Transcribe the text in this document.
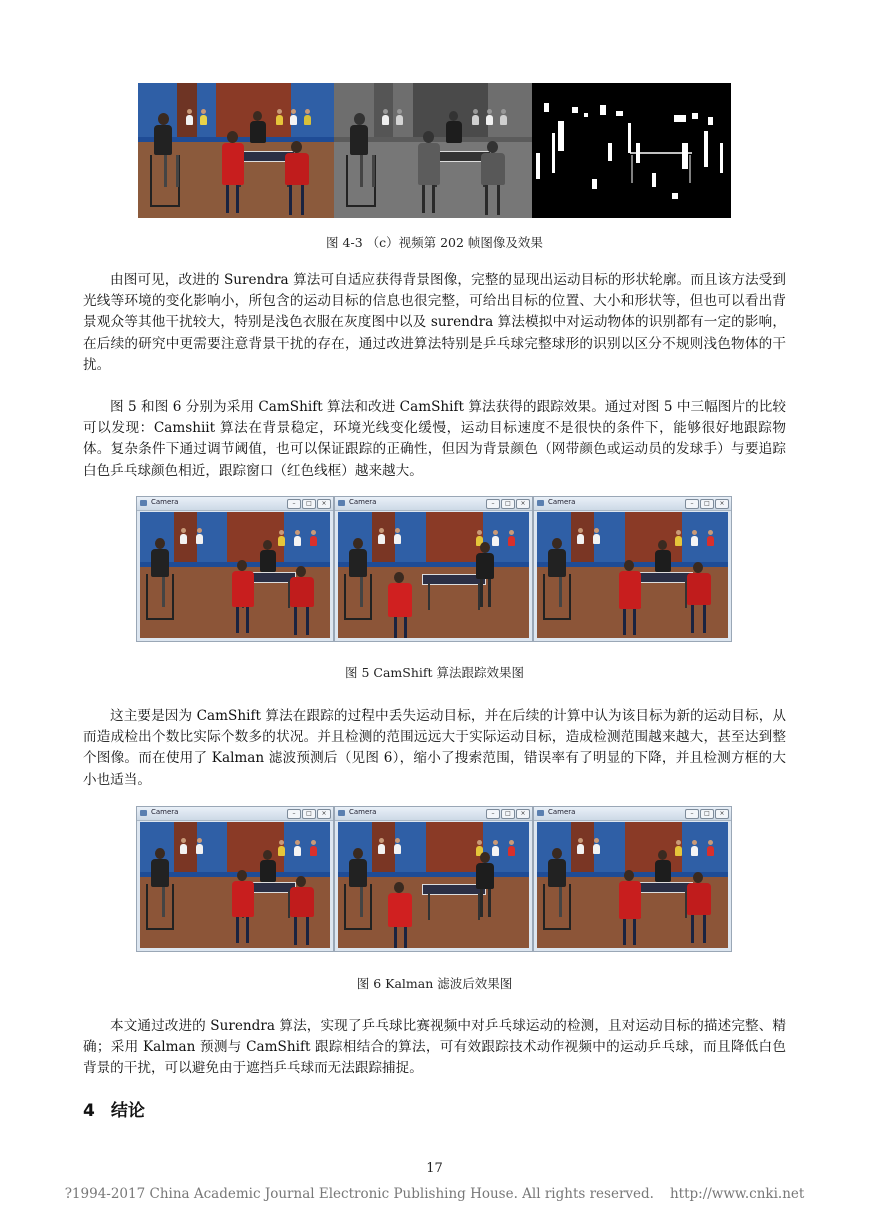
图 4-3 （c）视频第 202 帧图像及效果

由图可见，改进的 Surendra 算法可自适应获得背景图像，完整的显现出运动目标的形状轮廓。而且该方法受到光线等环境的变化影响小，所包含的运动目标的信息也很完整，可给出目标的位置、大小和形状等，但也可以看出背景观众等其他干扰较大，特别是浅色衣服在灰度图中以及 surendra 算法模拟中对运动物体的识别都有一定的影响，在后续的研究中更需要注意背景干扰的存在，通过改进算法特别是乒乓球完整球形的识别以区分不规则浅色物体的干扰。

图 5 和图 6 分别为采用 CamShift 算法和改进 CamShift 算法获得的跟踪效果。通过对图 5 中三幅图片的比较可以发现：Camshiit 算法在背景稳定，环境光线变化缓慢，运动目标速度不是很快的条件下，能够很好地跟踪物体。复杂条件下通过调节阈值，也可以保证跟踪的正确性，但因为背景颜色（网带颜色或运动员的发球手）与要追踪白色乒乓球颜色相近，跟踪窗口（红色线框）越来越大。

Camera	–	□	×	Camera	–	□	×	Camera	–	□	×
图 5 CamShift 算法跟踪效果图

这主要是因为 CamShift 算法在跟踪的过程中丢失运动目标，并在后续的计算中认为该目标为新的运动目标，从而造成检出个数比实际个数多的状况。并且检测的范围远远大于实际运动目标，造成检测范围越来越大，甚至达到整个图像。而在使用了 Kalman 滤波预测后（见图 6），缩小了搜索范围，错误率有了明显的下降，并且检测方框的大小也适当。

Camera	–	□	×	Camera	–	□	×	Camera	–	□	×
图 6 Kalman 滤波后效果图

本文通过改进的 Surendra 算法，实现了乒乓球比赛视频中对乒乓球运动的检测，且对运动目标的描述完整、精确；采用 Kalman 预测与 CamShift 跟踪相结合的算法，可有效跟踪技术动作视频中的运动乒乓球，而且降低白色背景的干扰，可以避免由于遮挡乒乓球而无法跟踪捕捉。

4 结论
17
?1994-2017 China Academic Journal Electronic Publishing House. All rights reserved. http://www.cnki.net
